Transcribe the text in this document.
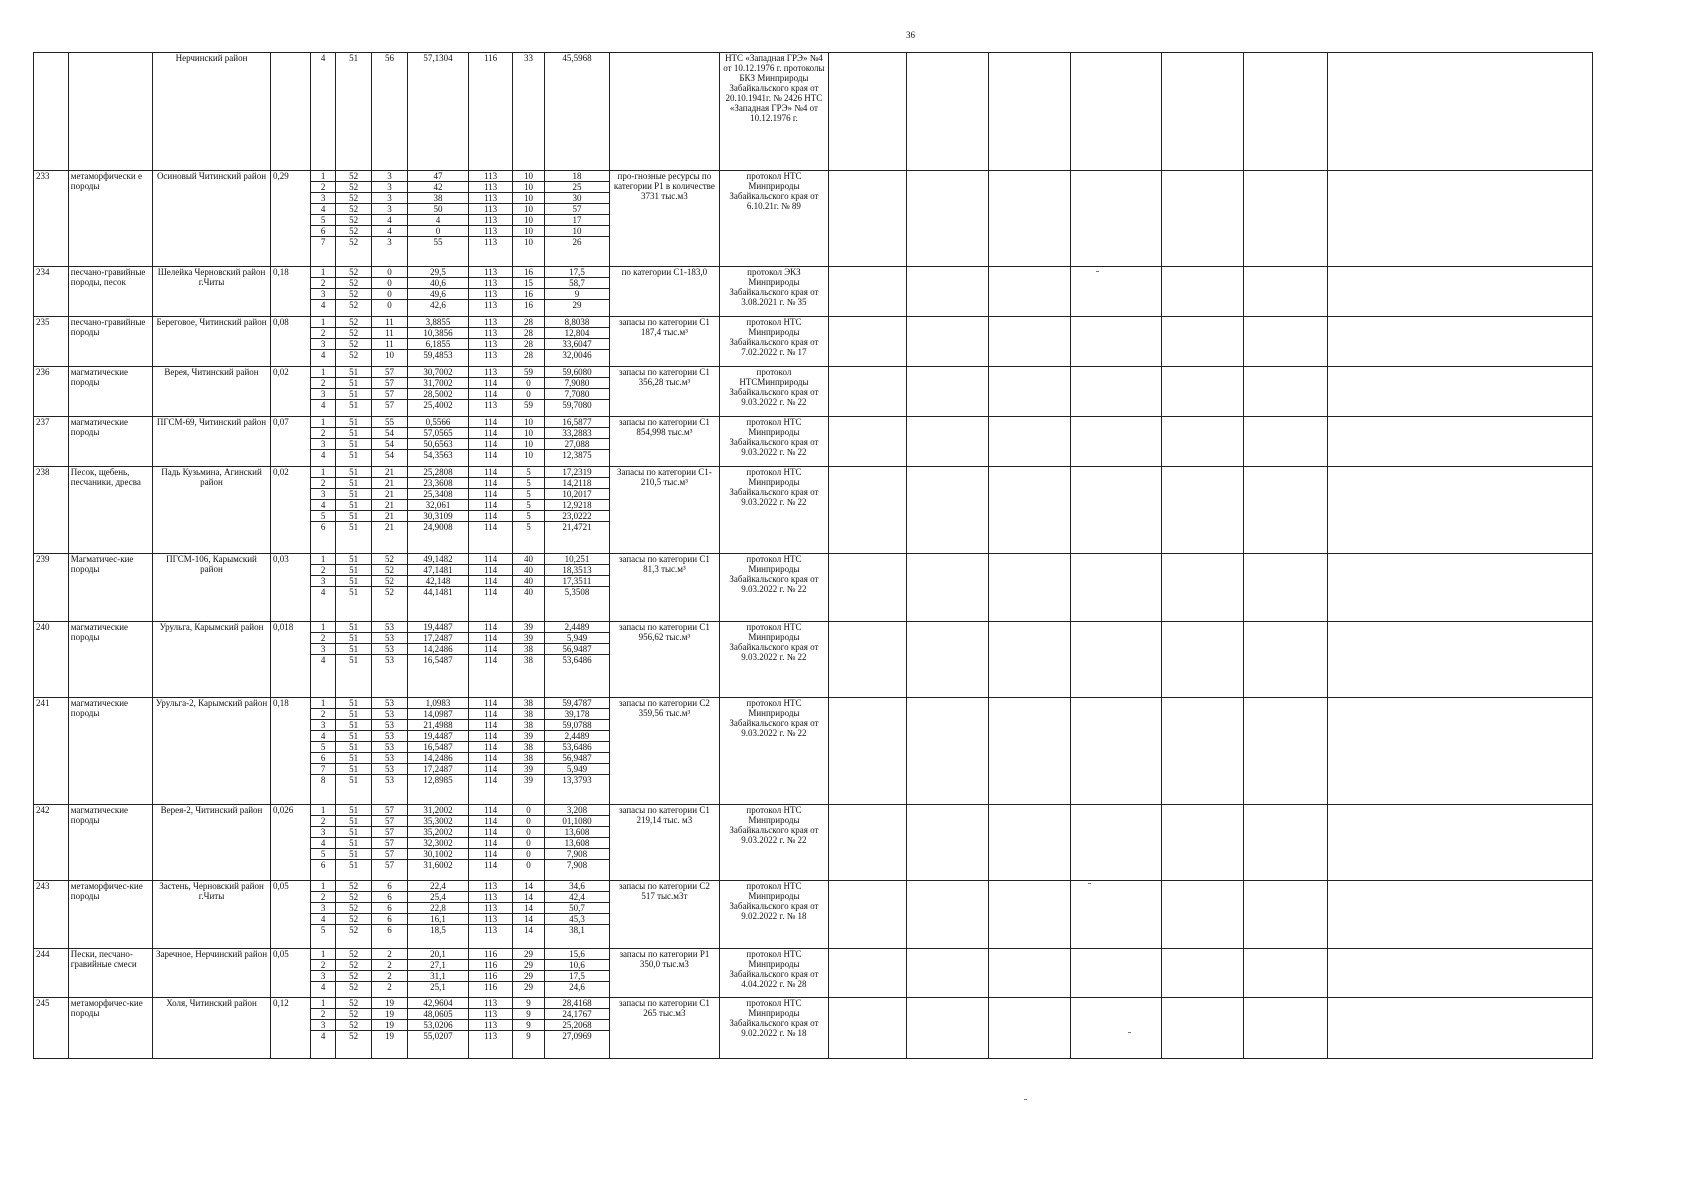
36
		Нерчинский район		4	51	56	57,1304	116	33	45,5968		НТС «Западная ГРЭ» №4 от 10.12.1976 г. протоколы БКЗ Минприроды Забайкальского края от 20.10.1941г. № 2426 НТС «Западная ГРЭ» №4 от 10.12.1976 г.							
233	метаморфически е породы	Осиновый Читинский район	0,29	1	52	3	47	113	10	18	про-гнозные ресурсы по категории Р1 в количестве 3731 тыс.м3	протокол НТС Минприроды Забайкальского края от 6.10.21г. № 89							
				2	52	3	42	113	10	25									
				3	52	3	38	113	10	30									
				4	52	3	50	113	10	57									
				5	52	4	4	113	10	17									
				6	52	4	0	113	10	10									
				7	52	3	55	113	10	26									
234	песчано-гравийные породы, песок	Шелейка Черновский район г.Читы	0,18	1	52	0	29,5	113	16	17,5	по категории С1-183,0	протокол ЭКЗ Минприроды Забайкальского края от 3.08.2021 г. № 35							
				2	52	0	40,6	113	15	58,7									
				3	52	0	49,6	113	16	9									
				4	52	0	42,6	113	16	29									
235	песчано-гравийные породы	Береговое, Читинский район	0,08	1	52	11	3,8855	113	28	8,8038	запасы по категории С1 187,4 тыс.м³	протокол НТС Минприроды Забайкальского края от 7.02.2022 г. № 17							
				2	52	11	10,3856	113	28	12,804									
				3	52	11	6,1855	113	28	33,6047									
				4	52	10	59,4853	113	28	32,0046									
236	магматические породы	Верея, Читинский район	0,02	1	51	57	30,7002	113	59	59,6080	запасы по категории С1 356,28 тыс.м³	протокол НТСМинприроды Забайкальского края от 9.03.2022 г. № 22							
				2	51	57	31,7002	114	0	7,9080									
				3	51	57	28,5002	114	0	7,7080									
				4	51	57	25,4002	113	59	59,7080									
237	магматические породы	ПГСМ-69, Читинский район	0,07	1	51	55	0,5566	114	10	16,5877	запасы по категории С1 854,998 тыс.м³	протокол НТС Минприроды Забайкальского края от 9.03.2022 г. № 22							
				2	51	54	57,0565	114	10	33,2883									
				3	51	54	50,6563	114	10	27,088									
				4	51	54	54,3563	114	10	12,3875									
238	Песок, щебень, песчаники, дресва	Падь Кузьмина, Агинский район	0,02	1	51	21	25,2808	114	5	17,2319	Запасы по категории С1-210,5 тыс.м³	протокол НТС Минприроды Забайкальского края от 9.03.2022 г. № 22							
				2	51	21	23,3608	114	5	14,2118									
				3	51	21	25,3408	114	5	10,2017									
				4	51	21	32,061	114	5	12,9218									
				5	51	21	30,3109	114	5	23,0222									
				6	51	21	24,9008	114	5	21,4721									
239	Магматичес-кие породы	ПГСМ-106, Карымский район	0,03	1	51	52	49,1482	114	40	10,251	запасы по категории С1 81,3 тыс.м³	протокол НТС Минприроды Забайкальского края от 9.03.2022 г. № 22							
				2	51	52	47,1481	114	40	18,3513									
				3	51	52	42,148	114	40	17,3511									
				4	51	52	44,1481	114	40	5,3508									
240	магматические породы	Урульга, Карымский район	0,018	1	51	53	19,4487	114	39	2,4489	запасы по категории С1 956,62 тыс.м³	протокол НТС Минприроды Забайкальского края от 9.03.2022 г. № 22							
				2	51	53	17,2487	114	39	5,949									
				3	51	53	14,2486	114	38	56,9487									
				4	51	53	16,5487	114	38	53,6486									
241	магматические породы	Урульга-2, Карымский район	0,18	1	51	53	1,0983	114	38	59,4787	запасы по категории С2 359,56 тыс.м³	протокол НТС Минприроды Забайкальского края от 9.03.2022 г. № 22							
				2	51	53	14,0987	114	38	39,178									
				3	51	53	21,4988	114	38	59,0788									
				4	51	53	19,4487	114	39	2,4489									
				5	51	53	16,5487	114	38	53,6486									
				6	51	53	14,2486	114	38	56,9487									
				7	51	53	17,2487	114	39	5,949									
				8	51	53	12,8985	114	39	13,3793									
242	магматические породы	Верея-2, Читинский район	0,026	1	51	57	31,2002	114	0	3,208	запасы по категории С1 219,14 тыс. м3	протокол НТС Минприроды Забайкальского края от 9.03.2022 г. № 22							
				2	51	57	35,3002	114	0	01,1080									
				3	51	57	35,2002	114	0	13,608									
				4	51	57	32,3002	114	0	13,608									
				5	51	57	30,1002	114	0	7,908									
				6	51	57	31,6002	114	0	7,908									
243	метаморфичес-кие породы	Застень, Черновский район г.Читы	0,05	1	52	6	22,4	113	14	34,6	запасы по категории С2 517 тыс.м3т	протокол НТС Минприроды Забайкальского края от 9.02.2022 г. № 18							
				2	52	6	25,4	113	14	42,4									
				3	52	6	22,8	113	14	50,7									
				4	52	6	16,1	113	14	45,3									
				5	52	6	18,5	113	14	38,1									
244	Пески, песчано-гравийные смеси	Заречное, Нерчинский район	0,05	1	52	2	20,1	116	29	15,6	запасы по категории Р1 350,0 тыс.м3	протокол НТС Минприроды Забайкальского края от 4.04.2022 г. № 28							
				2	52	2	27,1	116	29	10,6									
				3	52	2	31,1	116	29	17,5									
				4	52	2	25,1	116	29	24,6									
245	метаморфичес-кие породы	Холя, Читинский район	0,12	1	52	19	42,9604	113	9	28,4168	запасы по категории С1 265 тыс.м3	протокол НТС Минприроды Забайкальского края от 9.02.2022 г. № 18							
				2	52	19	48,0605	113	9	24,1767									
				3	52	19	53,0206	113	9	25,2068									
				4	52	19	55,0207	113	9	27,0969									
